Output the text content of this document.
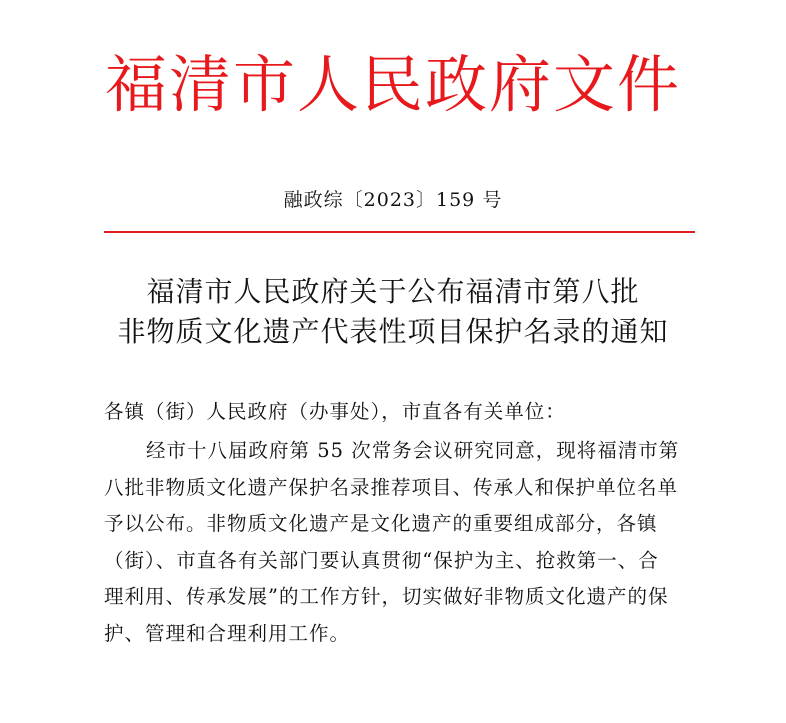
福清市人民政府文件
融政综〔2023〕159 号
福清市人民政府关于公布福清市第八批
非物质文化遗产代表性项目保护名录的通知
各镇（街）人民政府（办事处），市直各有关单位：
经市十八届政府第 55 次常务会议研究同意，现将福清市第
八批非物质文化遗产保护名录推荐项目、传承人和保护单位名单
予以公布。非物质文化遗产是文化遗产的重要组成部分，各镇
（街）、市直各有关部门要认真贯彻“保护为主、抢救第一、合
理利用、传承发展”的工作方针，切实做好非物质文化遗产的保
护、管理和合理利用工作。
